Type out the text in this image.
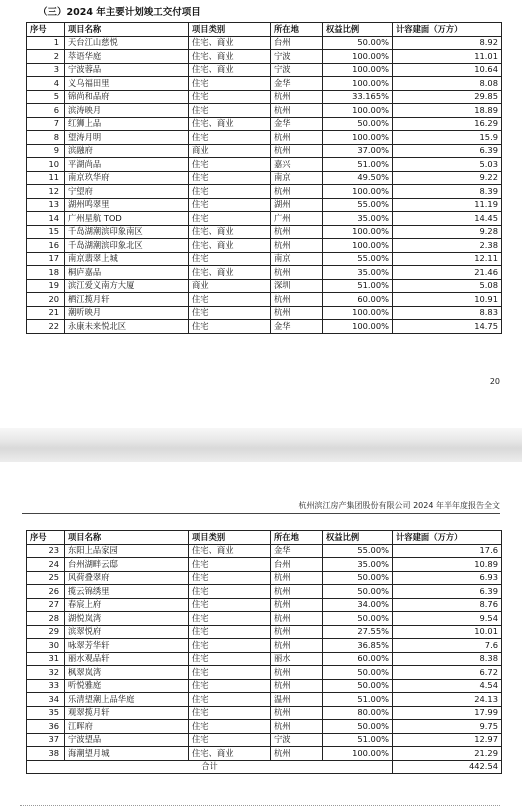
（三）2024 年主要计划竣工交付项目
序号	项目名称	项目类别	所在地	权益比例	计容建面（万方）
1	天台江山慈悦	住宅、商业	台州	50.00%	8.92
2	萃语华庭	住宅、商业	宁波	100.00%	11.01
3	宁波蓉品	住宅、商业	宁波	100.00%	10.64
4	义乌福田里	住宅	金华	100.00%	8.08
5	锦尚和品府	住宅	杭州	33.165%	29.85
6	滨涛映月	住宅	杭州	100.00%	18.89
7	红狮上品	住宅、商业	金华	50.00%	16.29
8	望涛月明	住宅	杭州	100.00%	15.9
9	滨融府	商业	杭州	37.00%	6.39
10	平湖尚品	住宅	嘉兴	51.00%	5.03
11	南京玖华府	住宅	南京	49.50%	9.22
12	宁望府	住宅	杭州	100.00%	8.39
13	湖州鸣翠里	住宅	湖州	55.00%	11.19
14	广州星航 TOD	住宅	广州	35.00%	14.45
15	千岛湖潮滨印象南区	住宅、商业	杭州	100.00%	9.28
16	千岛湖潮滨印象北区	住宅、商业	杭州	100.00%	2.38
17	南京翡翠上城	住宅	南京	55.00%	12.11
18	桐庐嘉品	住宅、商业	杭州	35.00%	21.46
19	滨江爱义南方大厦	商业	深圳	51.00%	5.08
20	栖江揽月轩	住宅	杭州	60.00%	10.91
21	潮听映月	住宅	杭州	100.00%	8.83
22	永康未来悦北区	住宅	金华	100.00%	14.75
20
杭州滨江房产集团股份有限公司 2024 年半年度报告全文
序号	项目名称	项目类别	所在地	权益比例	计容建面（万方）
23	东阳上品家园	住宅、商业	金华	55.00%	17.6
24	台州湖畔云邸	住宅	台州	35.00%	10.89
25	风荷叠翠府	住宅	杭州	50.00%	6.93
26	揽云锦绣里	住宅	杭州	50.00%	6.39
27	春宸上府	住宅	杭州	34.00%	8.76
28	湖悦岚湾	住宅	杭州	50.00%	9.54
29	滨翠悦府	住宅	杭州	27.55%	10.01
30	咏翠芳华轩	住宅	杭州	36.85%	7.6
31	丽水观品轩	住宅	丽水	60.00%	8.38
32	枫翠岚湾	住宅	杭州	50.00%	6.72
33	听悦雅庭	住宅	杭州	50.00%	4.54
34	乐清望潮上品华庭	住宅	温州	51.00%	24.13
35	观翠揽月轩	住宅	杭州	80.00%	17.99
36	江晖府	住宅	杭州	50.00%	9.75
37	宁波望品	住宅	宁波	51.00%	12.97
38	海潮望月城	住宅、商业	杭州	100.00%	21.29
合计					442.54
